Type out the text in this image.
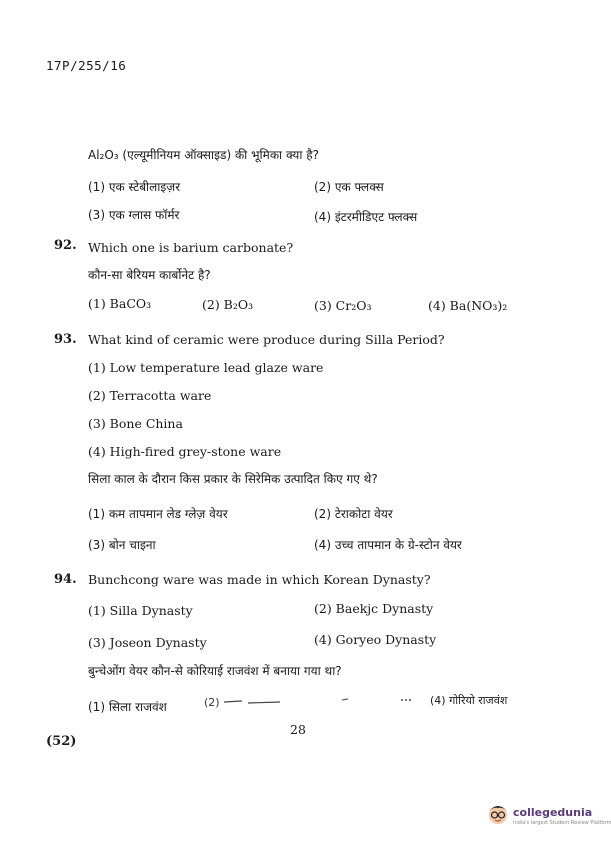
17P/255/16
Al₂O₃ (एल्यूमीनियम ऑक्साइड) की भूमिका क्या है?
(1) एक स्टेबीलाइज़र	(2) एक फ्लक्स
(3) एक ग्लास फॉर्मर	(4) इंटरमीडिएट फ्लक्स
92. Which one is barium carbonate?
कौन-सा बेरियम कार्बोनेट है?
(1) BaCO₃	(2) B₂O₃	(3) Cr₂O₃	(4) Ba(NO₃)₂
93. What kind of ceramic were produce during Silla Period?
(1) Low temperature lead glaze ware
(2) Terracotta ware
(3) Bone China
(4) High-fired grey-stone ware
सिला काल के दौरान किस प्रकार के सिरेमिक उत्पादित किए गए थे?
(1) कम तापमान लेड ग्लेज़ वेयर	(2) टेराकोटा वेयर
(3) बोन चाइना	(4) उच्च तापमान के ग्रे-स्टोन वेयर
94. Bunchcong ware was made in which Korean Dynasty?
(1) Silla Dynasty	(2) Baekjc Dynasty
(3) Joseon Dynasty	(4) Goryeo Dynasty
बुन्चेओंग वेयर कौन-से कोरियाई राजवंश में बनाया गया था?
(1) सिला राजवंश	(2)	(4) गोरियो राजवंश
28
(52)
collegedunia
India's largest Student Review Platform
